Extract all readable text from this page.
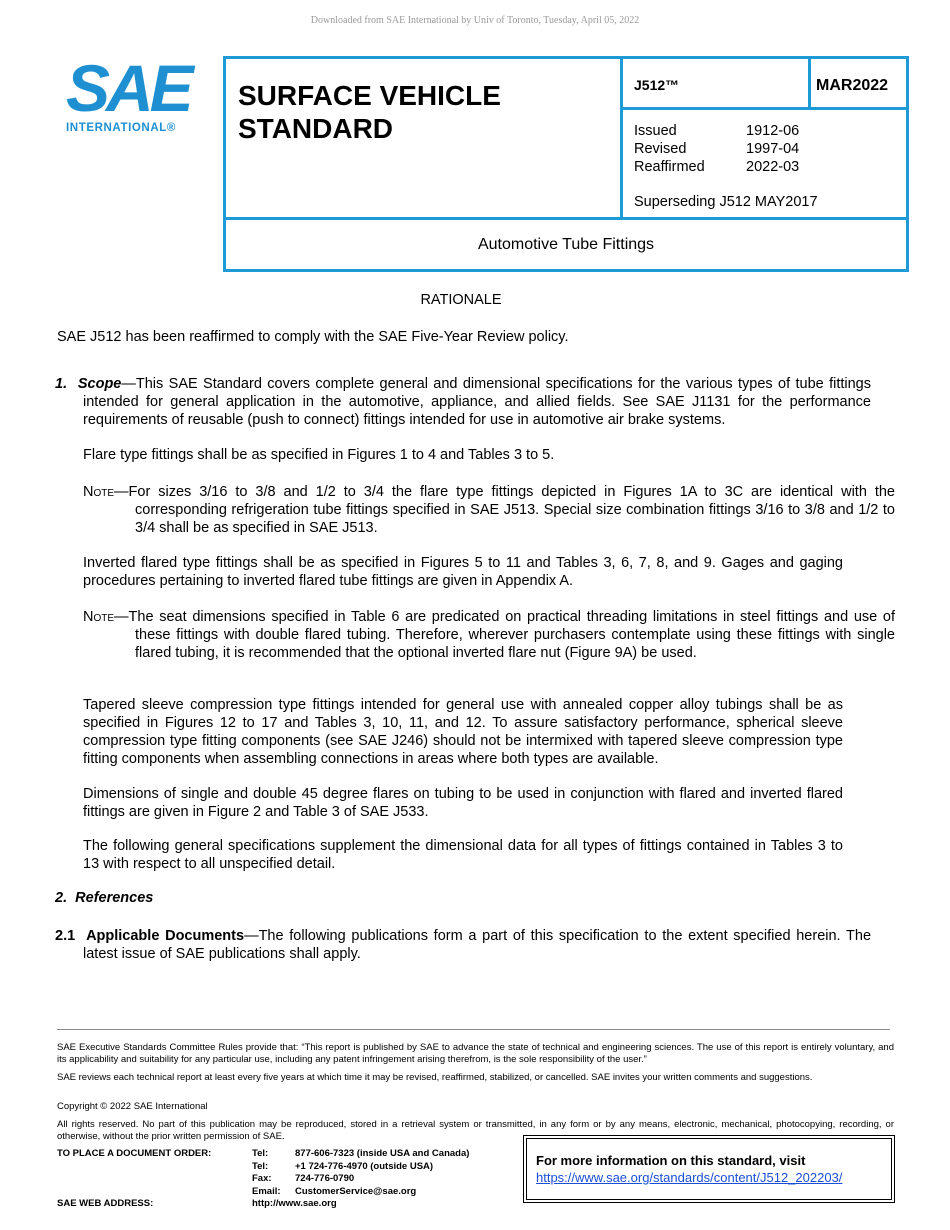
Downloaded from SAE International by Univ of Toronto, Tuesday, April 05, 2022
SAE
INTERNATIONAL®
SURFACE VEHICLE STANDARD
J512™	MAR2022
Issued	1912-06
Revised	1997-04
Reaffirmed	2022-03
Superseding J512 MAY2017
Automotive Tube Fittings
RATIONALE
SAE J512 has been reaffirmed to comply with the SAE Five-Year Review policy.
1. Scope—This SAE Standard covers complete general and dimensional specifications for the various types of tube fittings intended for general application in the automotive, appliance, and allied fields. See SAE J1131 for the performance requirements of reusable (push to connect) fittings intended for use in automotive air brake systems.
Flare type fittings shall be as specified in Figures 1 to 4 and Tables 3 to 5.
Note—For sizes 3/16 to 3/8 and 1/2 to 3/4 the flare type fittings depicted in Figures 1A to 3C are identical with the corresponding refrigeration tube fittings specified in SAE J513. Special size combination fittings 3/16 to 3/8 and 1/2 to 3/4 shall be as specified in SAE J513.
Inverted flared type fittings shall be as specified in Figures 5 to 11 and Tables 3, 6, 7, 8, and 9. Gages and gaging procedures pertaining to inverted flared tube fittings are given in Appendix A.
Note—The seat dimensions specified in Table 6 are predicated on practical threading limitations in steel fittings and use of these fittings with double flared tubing. Therefore, wherever purchasers contemplate using these fittings with single flared tubing, it is recommended that the optional inverted flare nut (Figure 9A) be used.
Tapered sleeve compression type fittings intended for general use with annealed copper alloy tubings shall be as specified in Figures 12 to 17 and Tables 3, 10, 11, and 12. To assure satisfactory performance, spherical sleeve compression type fitting components (see SAE J246) should not be intermixed with tapered sleeve compression type fitting components when assembling connections in areas where both types are available.
Dimensions of single and double 45 degree flares on tubing to be used in conjunction with flared and inverted flared fittings are given in Figure 2 and Table 3 of SAE J533.
The following general specifications supplement the dimensional data for all types of fittings contained in Tables 3 to 13 with respect to all unspecified detail.
2. References
2.1 Applicable Documents—The following publications form a part of this specification to the extent specified herein. The latest issue of SAE publications shall apply.
SAE Executive Standards Committee Rules provide that: “This report is published by SAE to advance the state of technical and engineering sciences. The use of this report is entirely voluntary, and its applicability and suitability for any particular use, including any patent infringement arising therefrom, is the sole responsibility of the user.”
SAE reviews each technical report at least every five years at which time it may be revised, reaffirmed, stabilized, or cancelled. SAE invites your written comments and suggestions.
Copyright © 2022 SAE International
All rights reserved. No part of this publication may be reproduced, stored in a retrieval system or transmitted, in any form or by any means, electronic, mechanical, photocopying, recording, or otherwise, without the prior written permission of SAE.
TO PLACE A DOCUMENT ORDER:	Tel:	877-606-7323 (inside USA and Canada)
Tel:	+1 724-776-4970 (outside USA)
Fax: 724-776-0790
Email: CustomerService@sae.org
SAE WEB ADDRESS:	http://www.sae.org
For more information on this standard, visit
https://www.sae.org/standards/content/J512_202203/
